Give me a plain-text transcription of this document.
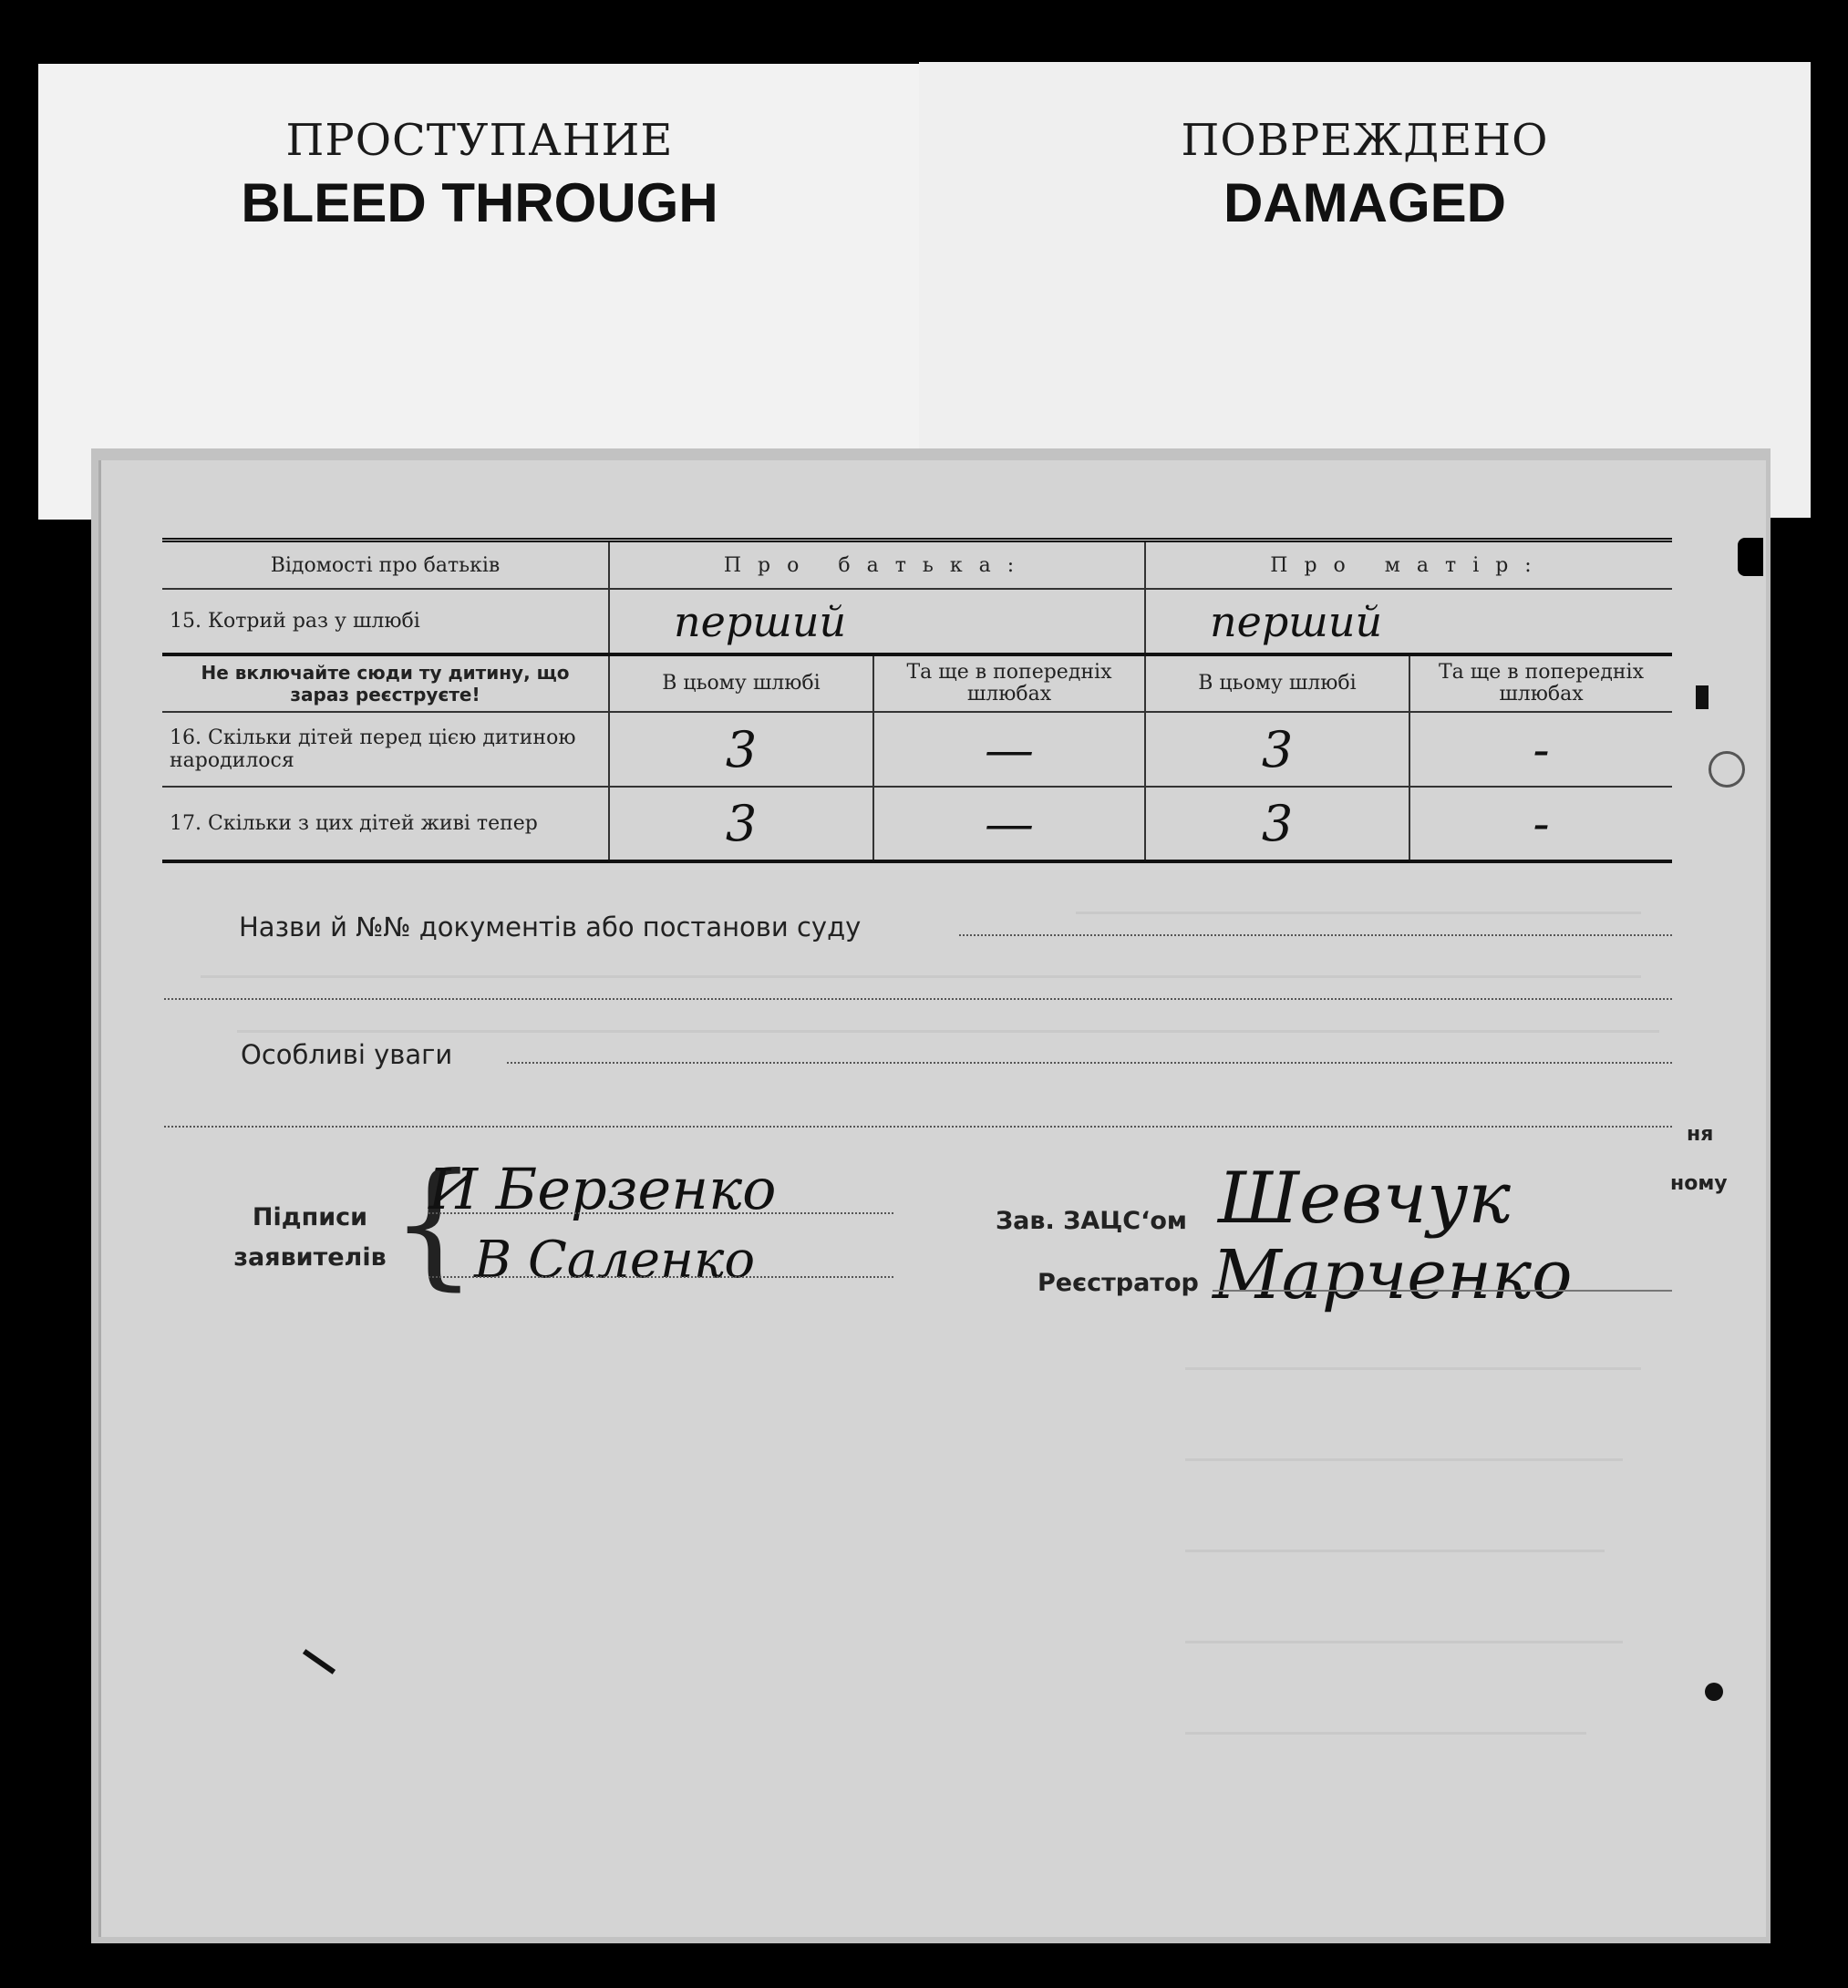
ПРОСТУПАНИЕ
BLEED THROUGH
ПОВРЕЖДЕНО
DAMAGED
Відомості про батьків	Про батька:		Про матір:	
15. Котрий раз у шлюбі	перший		перший	
Не включайте сюди ту дитину, що зараз реєструєте!	В цьому шлюбі	Та ще в попередніх шлюбах	В цьому шлюбі	Та ще в попередніх шлюбах
16. Скільки дітей перед цією дитиною народилося	3	—	3	-
17. Скільки з цих дітей живі тепер	3	—	3	-
Назви й №№ документів або постанови суду
Особливі уваги
Підписи заявителів {
И Берзенко
В Саленко
Зав. ЗАЦС‘ом Шевчук
Реєстратор Марченко
ня
ному
